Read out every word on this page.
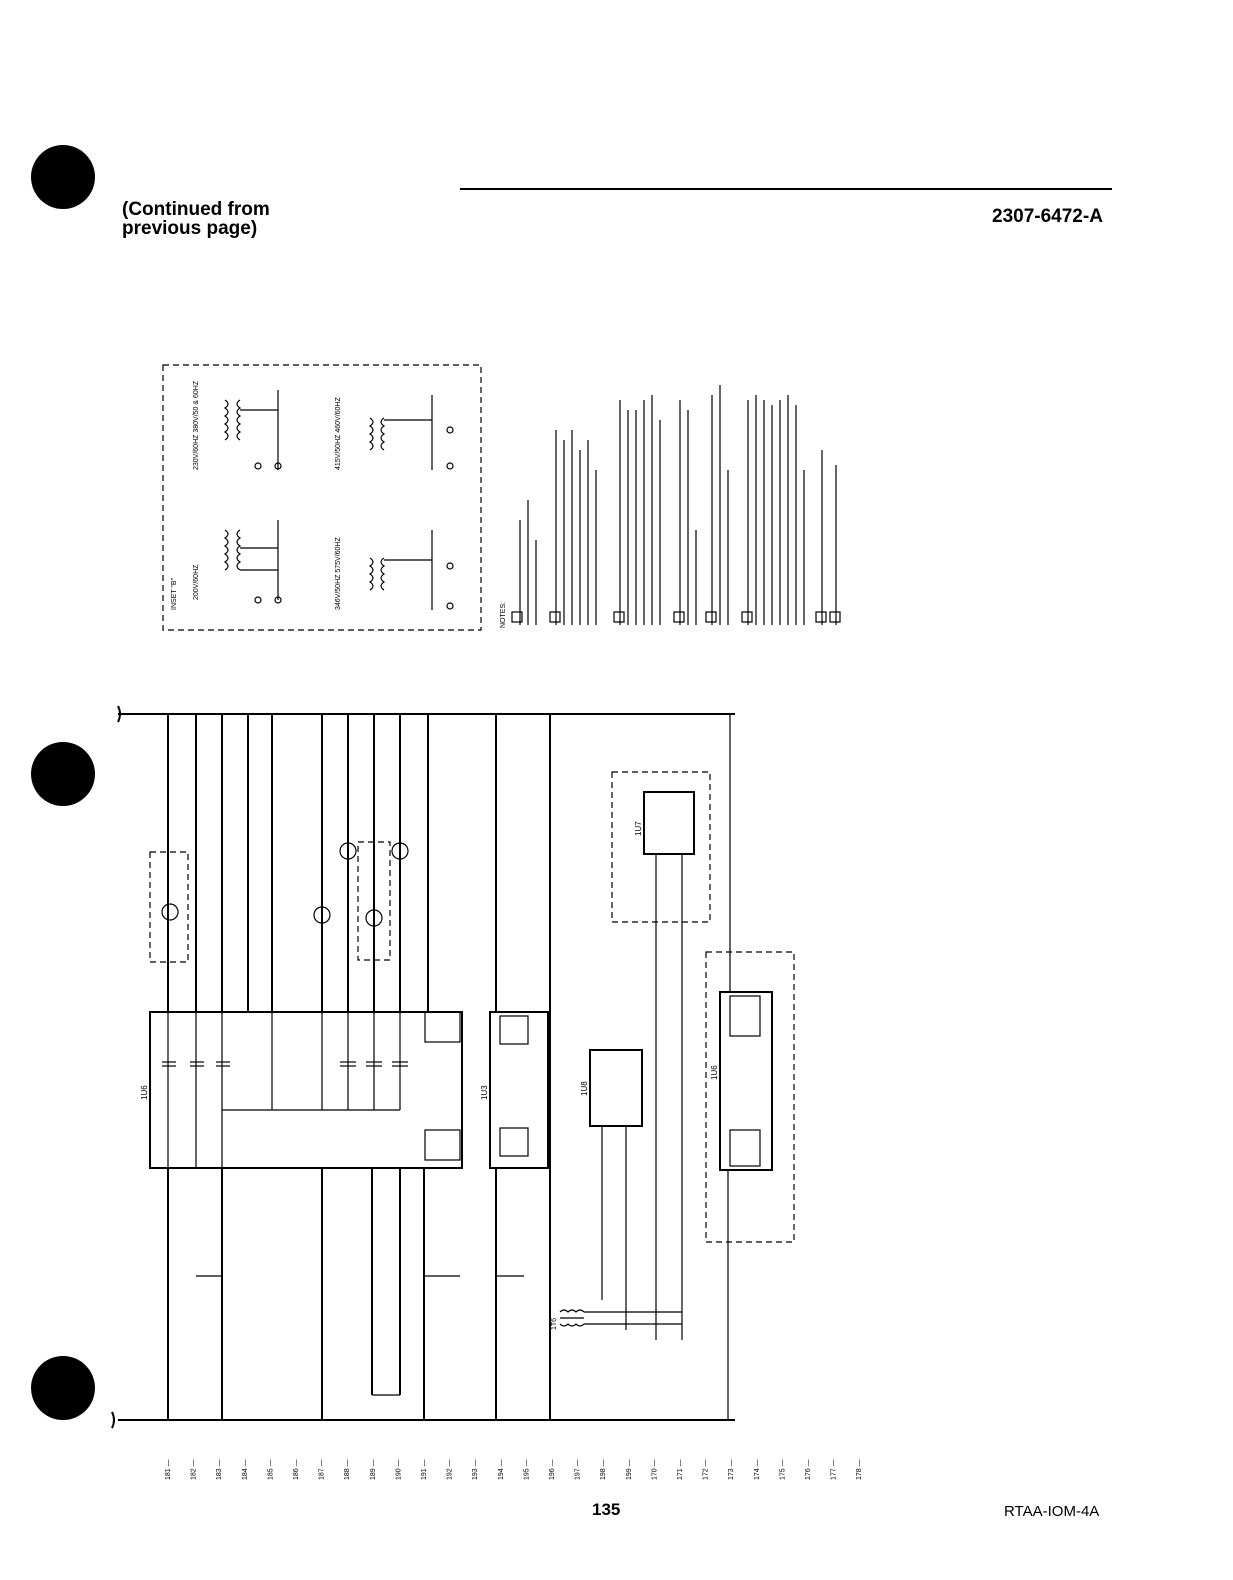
(Continued from
previous page)
2307-6472-A
INSET "B" 200V/60HZ
230V/60HZ 380V/50 & 60HZ
346V/50HZ 575V/60HZ
415V/50HZ 460V/60HZ
NOTES:
1U6	1U3	1U8
1U7
1U6
1T6
181 —	182 —	183 —	184 —	185 —	186 —	187 —	188 —	189 —	190 —	191 —	192 —	193 —	194 —	195 —	196 —	197 —	198 —	199 —	170 —	171 —	172 —	173 —	174 —	175 —	176 —	177 —	178 —
135	RTAA-IOM-4A
